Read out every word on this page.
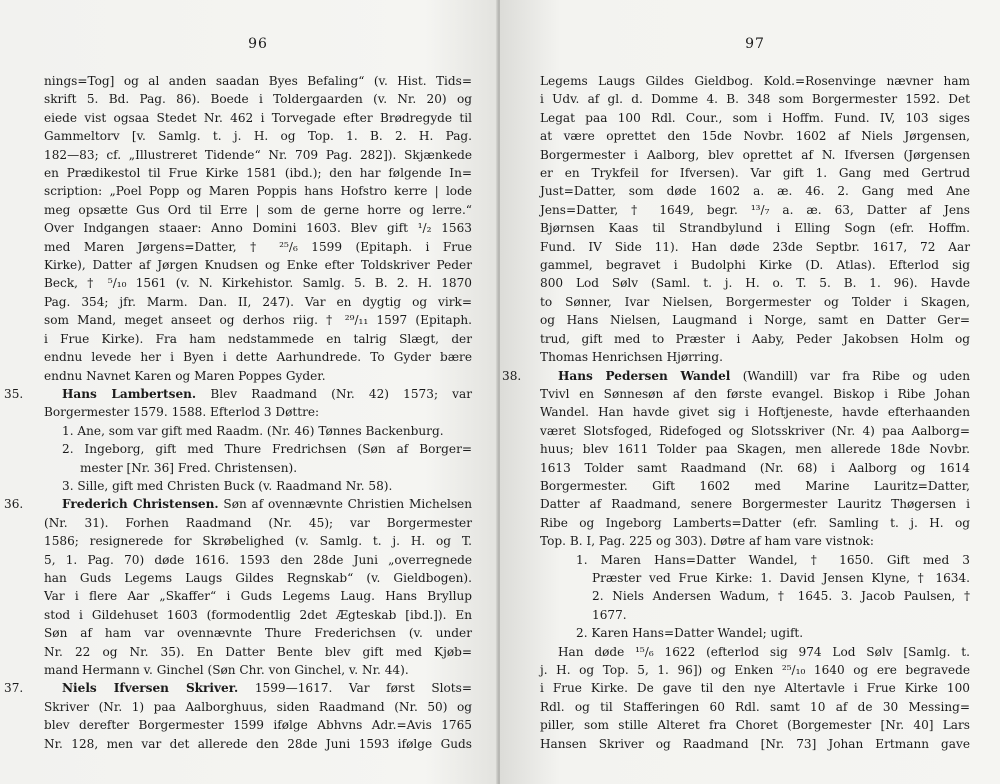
96
nings=Tog] og al anden saadan Byes Befaling“ (v. Hist. Tids=
skrift 5. Bd. Pag. 86). Boede i Toldergaarden (v. Nr. 20) og
eiede vist ogsaa Stedet Nr. 462 i Torvegade efter Brødregyde til
Gammeltorv [v. Samlg. t. j. H. og Top. 1. B. 2. H. Pag.
182—83; cf. „Illustreret Tidende“ Nr. 709 Pag. 282]). Skjænkede
en Prædikestol til Frue Kirke 1581 (ibd.); den har følgende In=
scription: „Poel Popp og Maren Poppis hans Hofstro kerre | lode
meg opsætte Gus Ord til Erre | som de gerne horre og lerre.“
Over Indgangen staaer: Anno Domini 1603. Blev gift ¹/₂ 1563
med Maren Jørgens=Datter, † ²⁵/₆ 1599 (Epitaph. i Frue
Kirke), Datter af Jørgen Knudsen og Enke efter Toldskriver Peder
Beck, † ⁵/₁₀ 1561 (v. N. Kirkehistor. Samlg. 5. B. 2. H. 1870
Pag. 354; jfr. Marm. Dan. II, 247). Var en dygtig og virk=
som Mand, meget anseet og derhos riig. † ²⁹/₁₁ 1597 (Epitaph.
i Frue Kirke). Fra ham nedstammede en talrig Slægt, der
endnu levede her i Byen i dette Aarhundrede. To Gyder bære
endnu Navnet Karen og Maren Poppes Gyder.
35.	Hans Lambertsen. Blev Raadmand (Nr. 42) 1573; var
Borgermester 1579. 1588. Efterlod 3 Døttre:
1. Ane, som var gift med Raadm. (Nr. 46) Tønnes Backenburg.
2. Ingeborg, gift med Thure Fredrichsen (Søn af Borger=
mester [Nr. 36] Fred. Christensen).
3. Sille, gift med Christen Buck (v. Raadmand Nr. 58).
36.	Frederich Christensen. Søn af ovennævnte Christien Michelsen
(Nr. 31). Forhen Raadmand (Nr. 45); var Borgermester
1586; resignerede for Skrøbelighed (v. Samlg. t. j. H. og T.
5, 1. Pag. 70) døde 1616. 1593 den 28de Juni „overregnede
han Guds Legems Laugs Gildes Regnskab“ (v. Gieldbogen).
Var i flere Aar „Skaffer“ i Guds Legems Laug. Hans Bryllup
stod i Gildehuset 1603 (formodentlig 2det Ægteskab [ibd.]). En
Søn af ham var ovennævnte Thure Frederichsen (v. under
Nr. 22 og Nr. 35). En Datter Bente blev gift med Kjøb=
mand Hermann v. Ginchel (Søn Chr. von Ginchel, v. Nr. 44).
37.	Niels Ifversen Skriver. 1599—1617. Var først Slots=
Skriver (Nr. 1) paa Aalborghuus, siden Raadmand (Nr. 50) og
blev derefter Borgermester 1599 ifølge Abhvns Adr.=Avis 1765
Nr. 128, men var det allerede den 28de Juni 1593 ifølge Guds
97
Legems Laugs Gildes Gieldbog. Kold.=Rosenvinge nævner ham
i Udv. af gl. d. Domme 4. B. 348 som Borgermester 1592. Det
Legat paa 100 Rdl. Cour., som i Hoffm. Fund. IV, 103 siges
at være oprettet den 15de Novbr. 1602 af Niels Jørgensen,
Borgermester i Aalborg, blev oprettet af N. Ifversen (Jørgensen
er en Trykfeil for Ifversen). Var gift 1. Gang med Gertrud
Just=Datter, som døde 1602 a. æ. 46. 2. Gang med Ane
Jens=Datter, † 1649, begr. ¹³/₇ a. æ. 63, Datter af Jens
Bjørnsen Kaas til Strandbylund i Elling Sogn (efr. Hoffm.
Fund. IV Side 11). Han døde 23de Septbr. 1617, 72 Aar
gammel, begravet i Budolphi Kirke (D. Atlas). Efterlod sig
800 Lod Sølv (Saml. t. j. H. o. T. 5. B. 1. 96). Havde
to Sønner, Ivar Nielsen, Borgermester og Tolder i Skagen,
og Hans Nielsen, Laugmand i Norge, samt en Datter Ger=
trud, gift med to Præster i Aaby, Peder Jakobsen Holm og
Thomas Henrichsen Hjørring.
38.	Hans Pedersen Wandel (Wandill) var fra Ribe og uden
Tvivl en Sønnesøn af den første evangel. Biskop i Ribe Johan
Wandel. Han havde givet sig i Hoftjeneste, havde efterhaanden
været Slotsfoged, Ridefoged og Slotsskriver (Nr. 4) paa Aalborg=
huus; blev 1611 Tolder paa Skagen, men allerede 18de Novbr.
1613 Tolder samt Raadmand (Nr. 68) i Aalborg og 1614
Borgermester. Gift 1602 med Marine Lauritz=Datter,
Datter af Raadmand, senere Borgermester Lauritz Thøgersen i
Ribe og Ingeborg Lamberts=Datter (efr. Samling t. j. H. og
Top. B. I, Pag. 225 og 303). Døtre af ham vare vistnok:
1. Maren Hans=Datter Wandel, † 1650. Gift med 3
Præster ved Frue Kirke: 1. David Jensen Klyne, † 1634.
2. Niels Andersen Wadum, † 1645. 3. Jacob Paulsen, †
1677.
2. Karen Hans=Datter Wandel; ugift.
Han døde ¹⁵/₆ 1622 (efterlod sig 974 Lod Sølv [Samlg. t.
j. H. og Top. 5, 1. 96]) og Enken ²⁵/₁₀ 1640 og ere begravede
i Frue Kirke. De gave til den nye Altertavle i Frue Kirke 100
Rdl. og til Stafferingen 60 Rdl. samt 10 af de 30 Messing=
piller, som stille Alteret fra Choret (Borgemester [Nr. 40] Lars
Hansen Skriver og Raadmand [Nr. 73] Johan Ertmann gave
